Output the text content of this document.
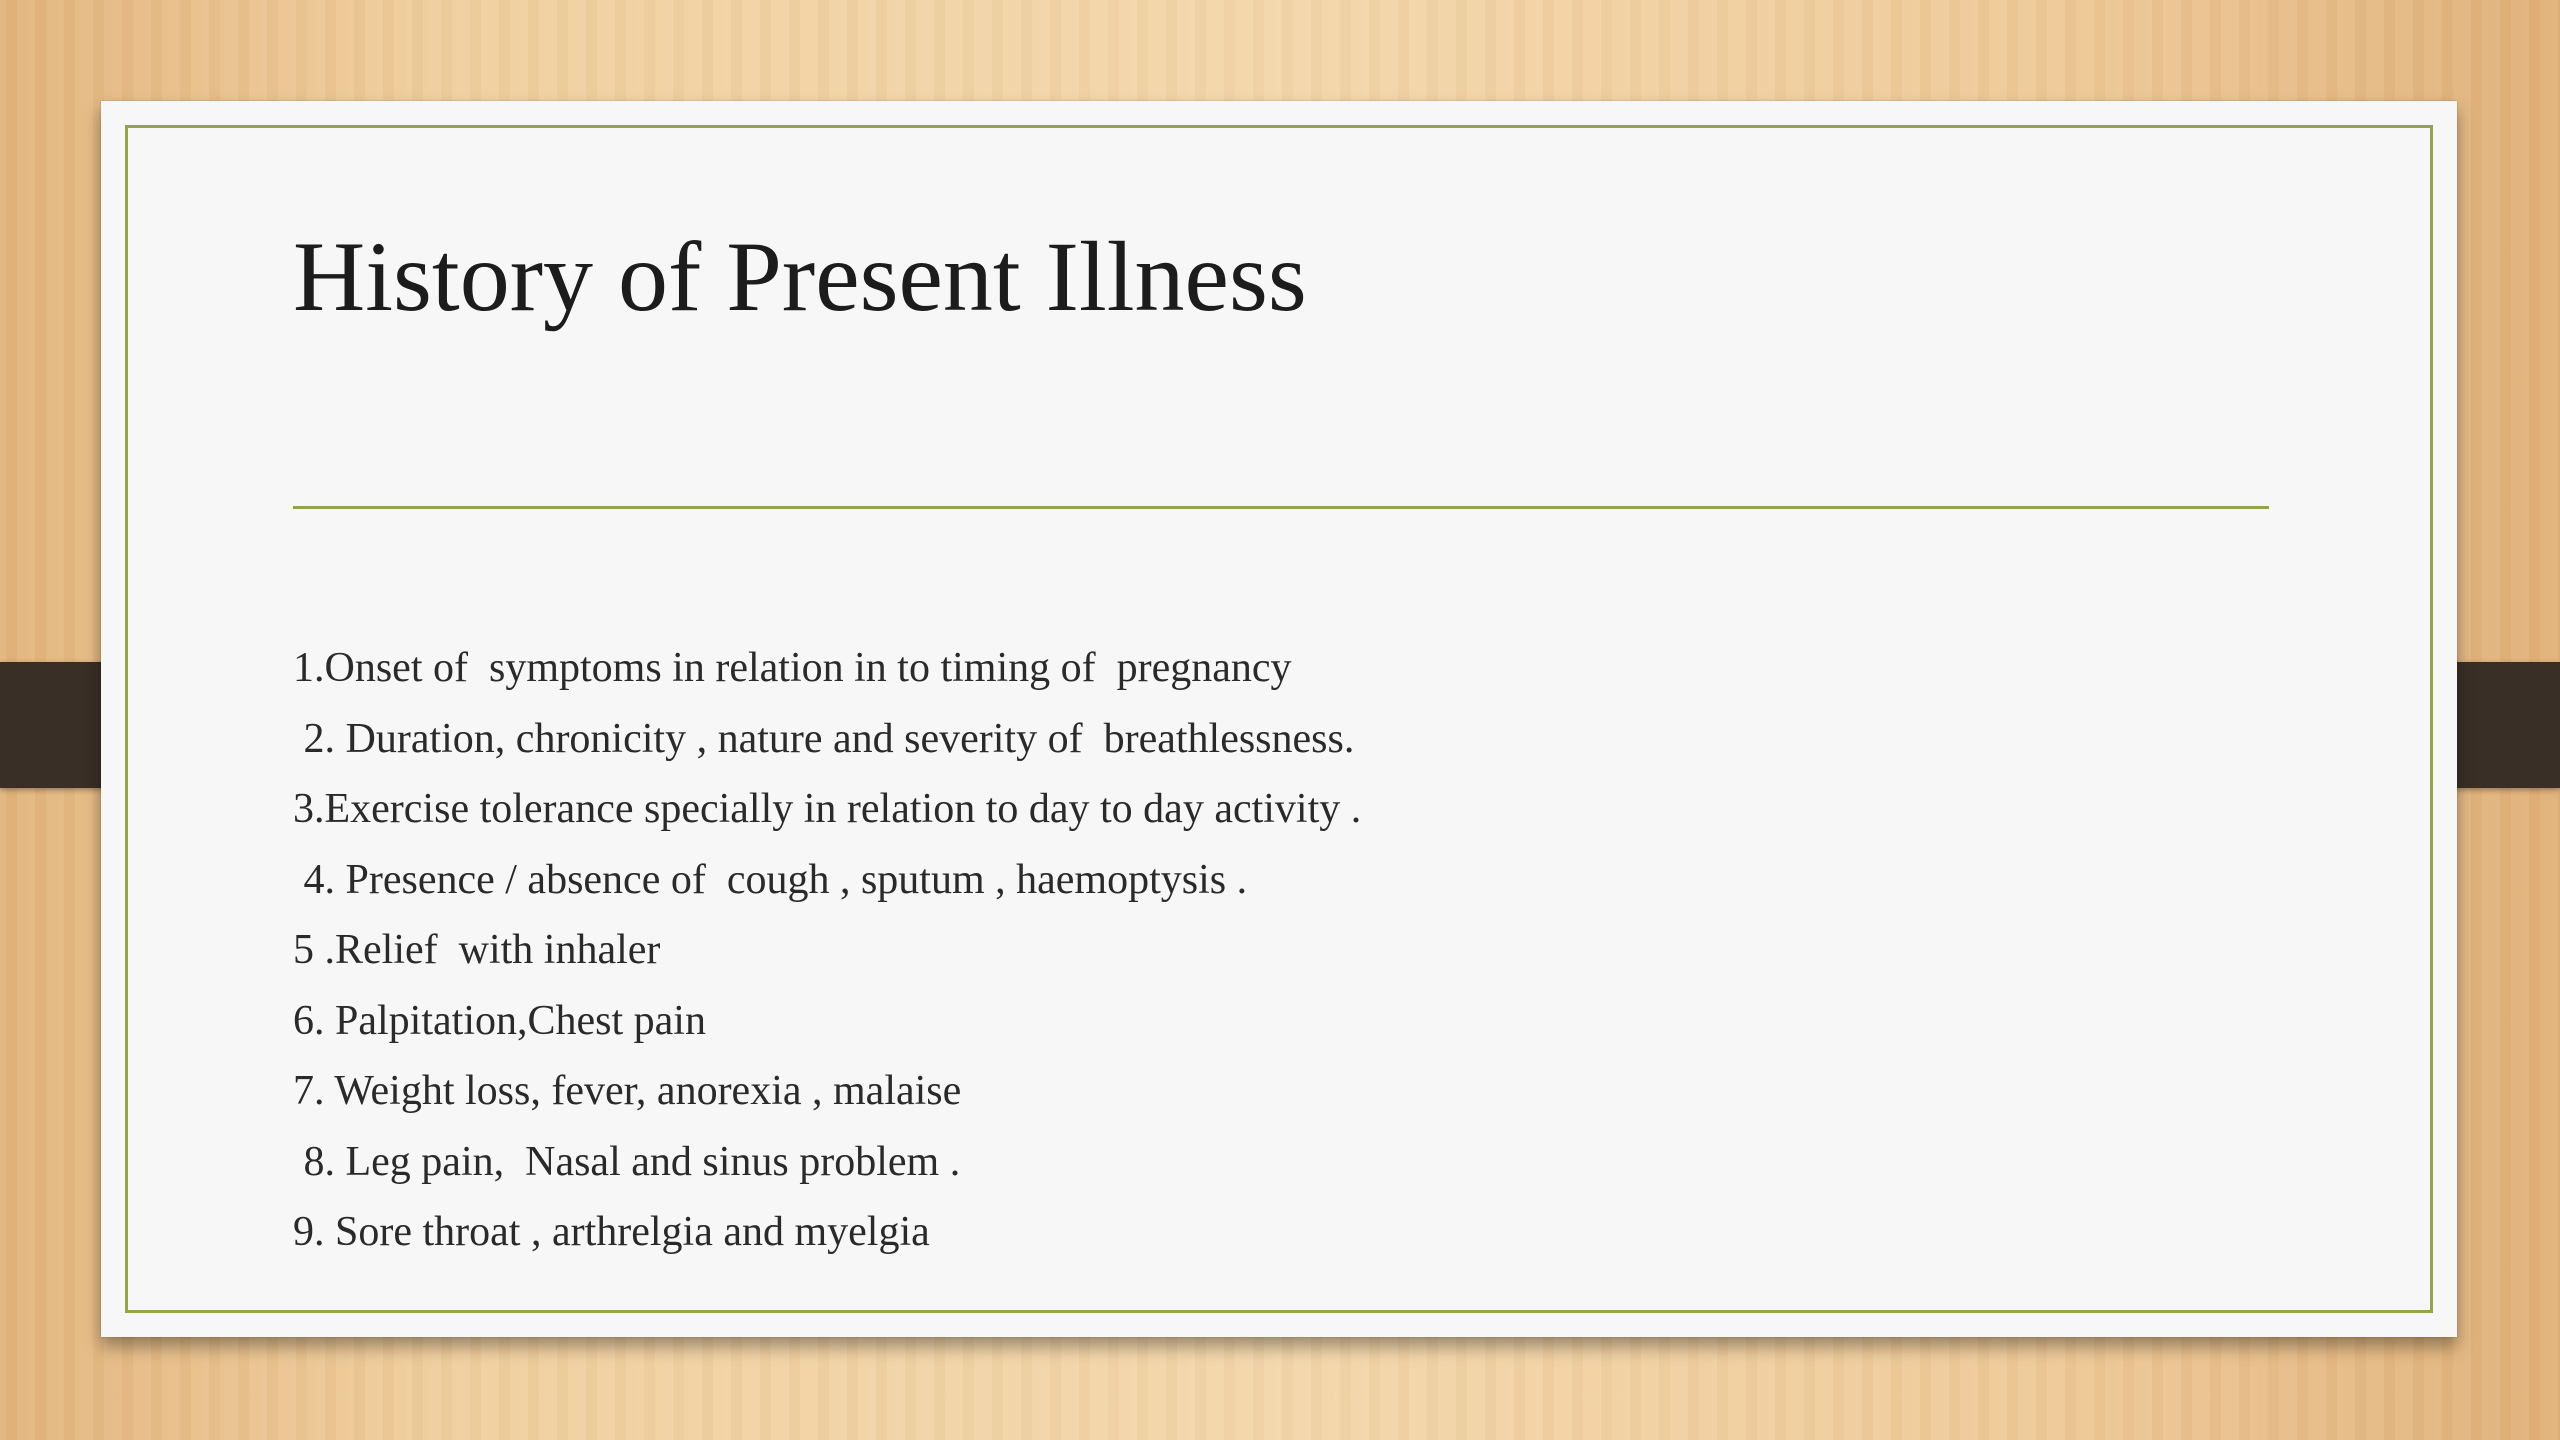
History of Present Illness
1.Onset of  symptoms in relation in to timing of  pregnancy
2. Duration, chronicity , nature and severity of  breathlessness.
3.Exercise tolerance specially in relation to day to day activity .
4. Presence / absence of  cough , sputum , haemoptysis .
5 .Relief  with inhaler
6. Palpitation,Chest pain
7. Weight loss, fever, anorexia , malaise
8. Leg pain,  Nasal and sinus problem .
9. Sore throat , arthrelgia and myelgia
